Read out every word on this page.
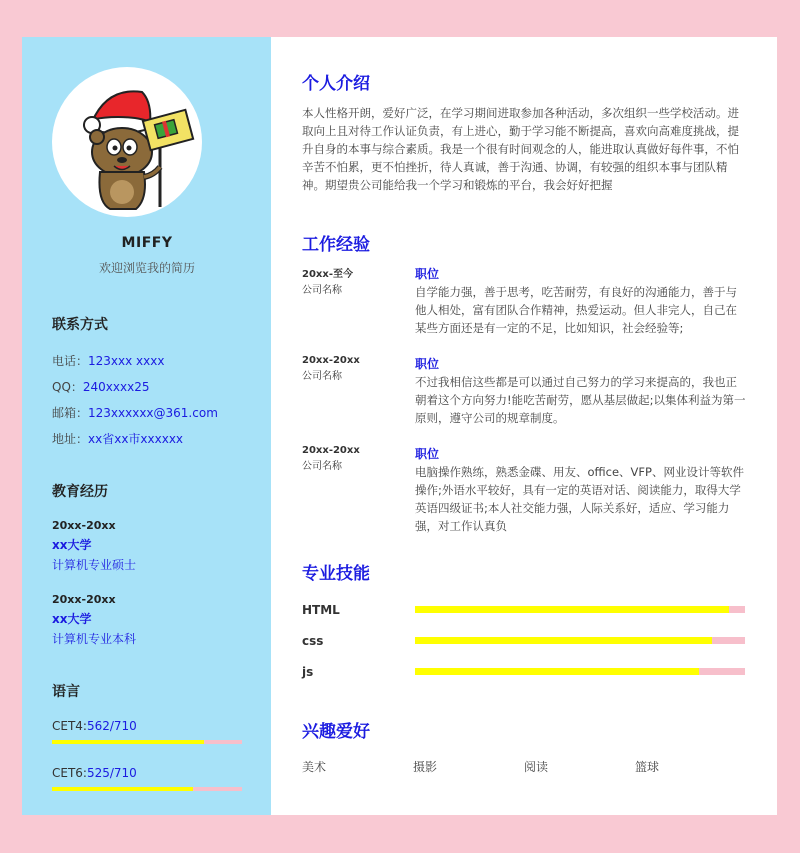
MIFFY
欢迎浏览我的简历
联系方式
电话：123xxx xxxx
QQ：240xxxx25
邮箱：123xxxxxx@361.com
地址：xx省xx市xxxxxx
教育经历
20xx-20xx
xx大学
计算机专业硕士
20xx-20xx
xx大学
计算机专业本科
语言
CET4:562/710
CET6:525/710
个人介绍
本人性格开朗，爱好广泛，在学习期间进取参加各种活动，多次组织一些学校活动。进取向上且对待工作认证负责，有上进心，勤于学习能不断提高，喜欢向高难度挑战，提升自身的本事与综合素质。我是一个很有时间观念的人，能进取认真做好每件事，不怕辛苦不怕累，更不怕挫折，待人真诚，善于沟通、协调，有较强的组织本事与团队精神。期望贵公司能给我一个学习和锻炼的平台，我会好好把握
工作经验
20xx-至今
公司名称
职位
自学能力强，善于思考，吃苦耐劳，有良好的沟通能力，善于与他人相处，富有团队合作精神，热爱运动。但人非完人，自己在某些方面还是有一定的不足，比如知识，社会经验等;
20xx-20xx
公司名称
职位
不过我相信这些都是可以通过自己努力的学习来提高的，我也正朝着这个方向努力!能吃苦耐劳，愿从基层做起;以集体利益为第一原则，遵守公司的规章制度。
20xx-20xx
公司名称
职位
电脑操作熟练，熟悉金碟、用友、office、VFP、网业设计等软件操作;外语水平较好，具有一定的英语对话、阅读能力，取得大学英语四级证书;本人社交能力强，人际关系好，适应、学习能力强，对工作认真负
专业技能
HTML
css
js
兴趣爱好
美术	摄影	阅读	篮球
